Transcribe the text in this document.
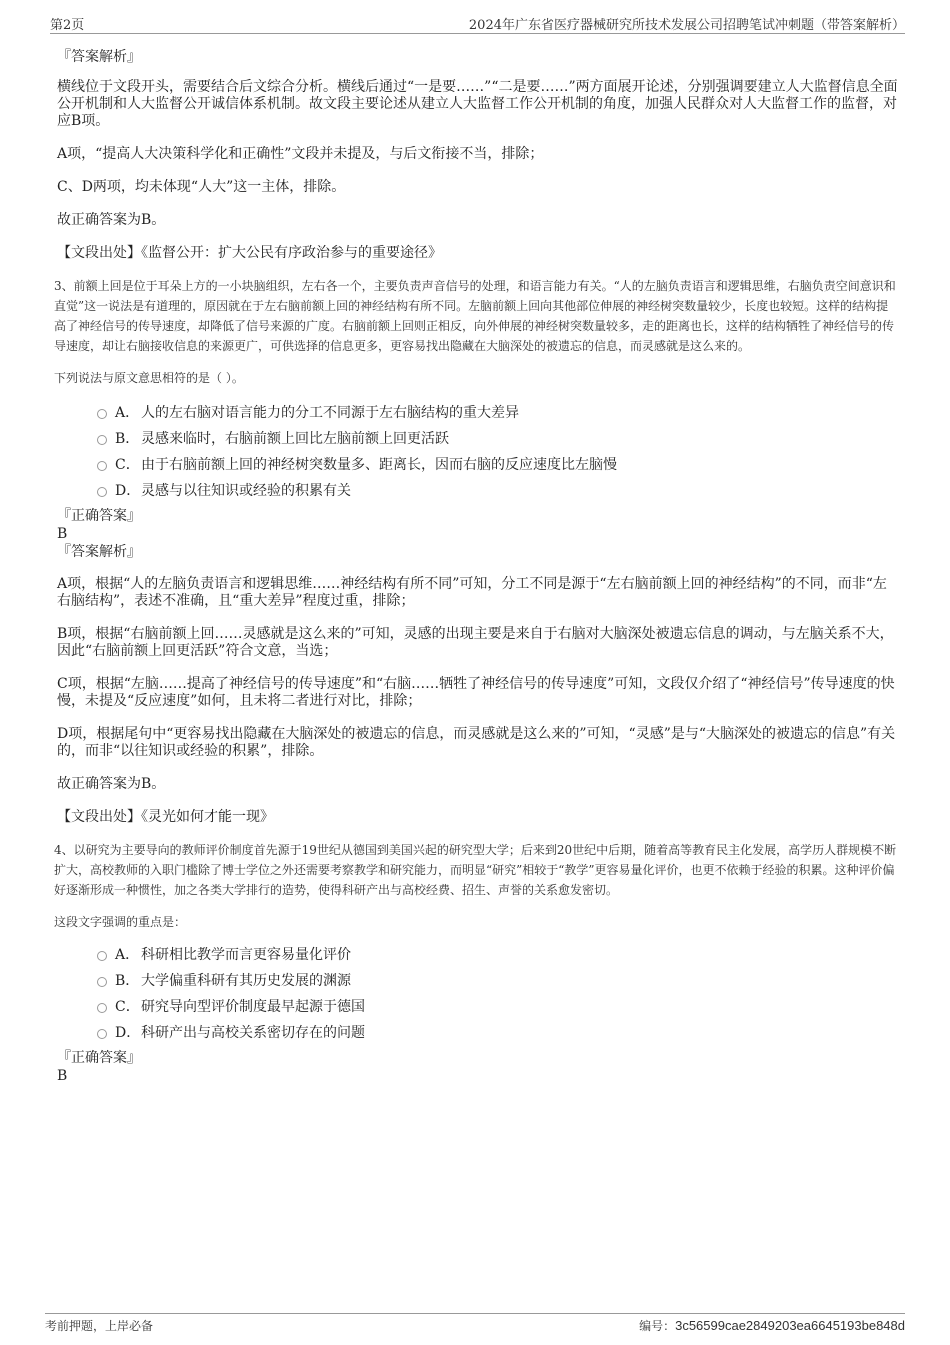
第2页	2024年广东省医疗器械研究所技术发展公司招聘笔试冲刺题（带答案解析）

『答案解析』

横线位于文段开头，需要结合后文综合分析。横线后通过“一是要……”“二是要……”两方面展开论述，分别强调要建立人大监督信息全面公开机制和人大监督公开诚信体系机制。故文段主要论述从建立人大监督工作公开机制的角度，加强人民群众对人大监督工作的监督，对应B项。

A项，“提高人大决策科学化和正确性”文段并未提及，与后文衔接不当，排除；

C、D两项，均未体现“人大”这一主体，排除。

故正确答案为B。

【文段出处】《监督公开：扩大公民有序政治参与的重要途径》

3、前额上回是位于耳朵上方的一小块脑组织，左右各一个，主要负责声音信号的处理，和语言能力有关。“人的左脑负责语言和逻辑思维，右脑负责空间意识和直觉”这一说法是有道理的，原因就在于左右脑前额上回的神经结构有所不同。左脑前额上回向其他部位伸展的神经树突数量较少，长度也较短。这样的结构提高了神经信号的传导速度，却降低了信号来源的广度。右脑前额上回则正相反，向外伸展的神经树突数量较多，走的距离也长，这样的结构牺牲了神经信号的传导速度，却让右脑接收信息的来源更广，可供选择的信息更多，更容易找出隐藏在大脑深处的被遗忘的信息，而灵感就是这么来的。

下列说法与原文意思相符的是（ ）。

A． 人的左右脑对语言能力的分工不同源于左右脑结构的重大差异
B． 灵感来临时，右脑前额上回比左脑前额上回更活跃
C．由于右脑前额上回的神经树突数量多、距离长，因而右脑的反应速度比左脑慢
D．灵感与以往知识或经验的积累有关

『正确答案』

B

『答案解析』

A项，根据“人的左脑负责语言和逻辑思维……神经结构有所不同”可知，分工不同是源于“左右脑前额上回的神经结构”的不同，而非“左右脑结构”，表述不准确，且“重大差异”程度过重，排除；

B项，根据“右脑前额上回……灵感就是这么来的”可知，灵感的出现主要是来自于右脑对大脑深处被遗忘信息的调动，与左脑关系不大，因此“右脑前额上回更活跃”符合文意，当选；

C项，根据“左脑……提高了神经信号的传导速度”和“右脑……牺牲了神经信号的传导速度”可知，文段仅介绍了“神经信号”传导速度的快慢，未提及“反应速度”如何，且未将二者进行对比，排除；

D项，根据尾句中“更容易找出隐藏在大脑深处的被遗忘的信息，而灵感就是这么来的”可知，“灵感”是与“大脑深处的被遗忘的信息”有关的，而非“以往知识或经验的积累”，排除。

故正确答案为B。

【文段出处】《灵光如何才能一现》

4、以研究为主要导向的教师评价制度首先源于19世纪从德国到美国兴起的研究型大学；后来到20世纪中后期，随着高等教育民主化发展，高学历人群规模不断扩大，高校教师的入职门槛除了博士学位之外还需要考察教学和研究能力，而明显“研究”相较于“教学”更容易量化评价，也更不依赖于经验的积累。这种评价偏好逐渐形成一种惯性，加之各类大学排行的造势，使得科研产出与高校经费、招生、声誉的关系愈发密切。

这段文字强调的重点是：

A． 科研相比教学而言更容易量化评价
B． 大学偏重科研有其历史发展的渊源
C．研究导向型评价制度最早起源于德国
D．科研产出与高校关系密切存在的问题

『正确答案』

B

考前押题，上岸必备	编号：3c56599cae2849203ea6645193be848d
